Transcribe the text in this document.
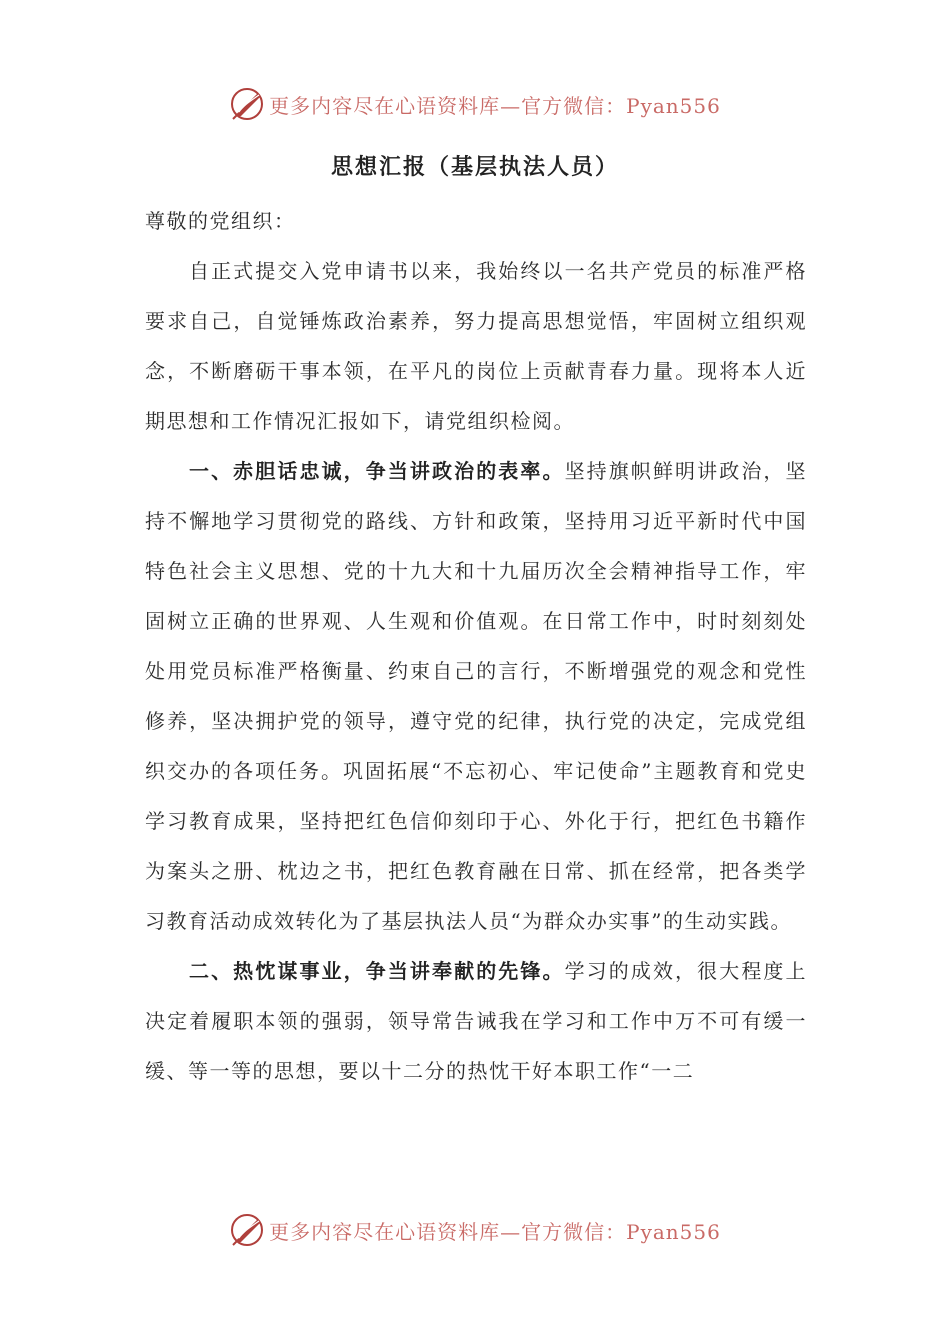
更多内容尽在心语资料库—官方微信：Pyan556
思想汇报（基层执法人员）

尊敬的党组织：

自正式提交入党申请书以来，我始终以一名共产党员的标准严格要求自己，自觉锤炼政治素养，努力提高思想觉悟，牢固树立组织观念，不断磨砺干事本领，在平凡的岗位上贡献青春力量。现将本人近期思想和工作情况汇报如下，请党组织检阅。

一、赤胆话忠诚，争当讲政治的表率。坚持旗帜鲜明讲政治，坚持不懈地学习贯彻党的路线、方针和政策，坚持用习近平新时代中国特色社会主义思想、党的十九大和十九届历次全会精神指导工作，牢固树立正确的世界观、人生观和价值观。在日常工作中，时时刻刻处处用党员标准严格衡量、约束自己的言行，不断增强党的观念和党性修养，坚决拥护党的领导，遵守党的纪律，执行党的决定，完成党组织交办的各项任务。巩固拓展“不忘初心、牢记使命”主题教育和党史学习教育成果，坚持把红色信仰刻印于心、外化于行，把红色书籍作为案头之册、枕边之书，把红色教育融在日常、抓在经常，把各类学习教育活动成效转化为了基层执法人员“为群众办实事”的生动实践。

二、热忱谋事业，争当讲奉献的先锋。学习的成效，很大程度上决定着履职本领的强弱，领导常告诫我在学习和工作中万不可有缓一缓、等一等的思想，要以十二分的热忱干好本职工作“一二

更多内容尽在心语资料库—官方微信：Pyan556
